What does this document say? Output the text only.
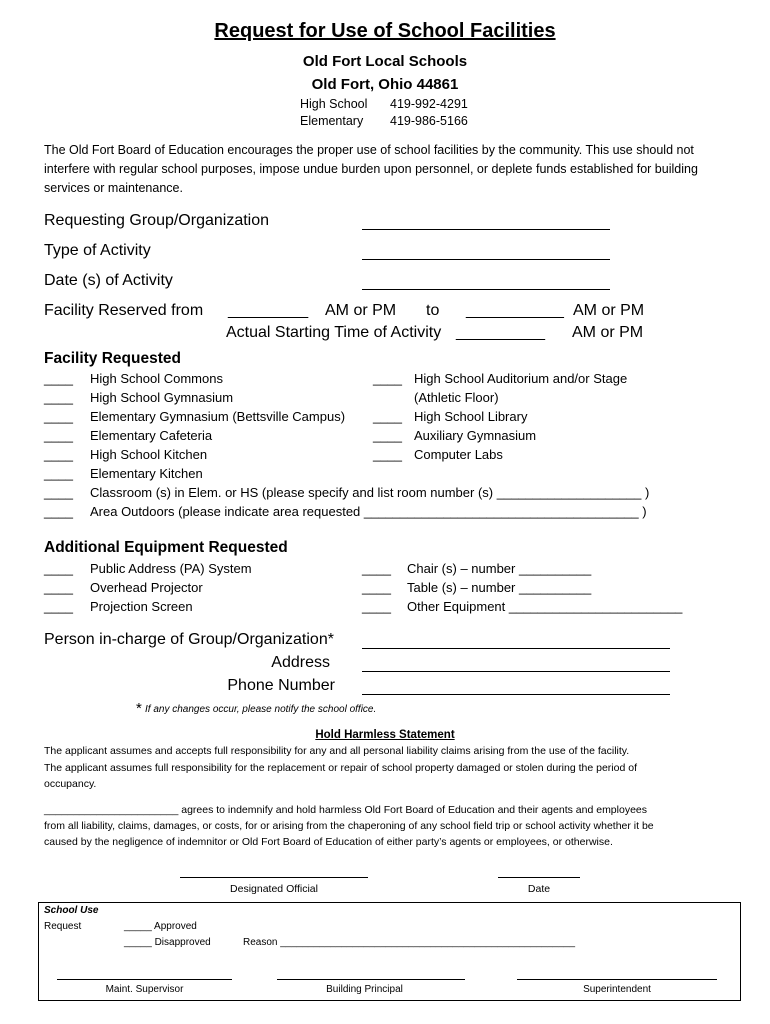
Request for Use of School Facilities
Old Fort Local Schools
Old Fort, Ohio 44861
High School 419-992-4291
Elementary 419-986-5166
The Old Fort Board of Education encourages the proper use of school facilities by the community. This use should not interfere with regular school purposes, impose undue burden upon personnel, or deplete funds established for building services or maintenance.
Requesting Group/Organization
Type of Activity
Date (s) of Activity
Facility Reserved from _________ AM or PM to ___________ AM or PM
Actual Starting Time of Activity __________ AM or PM
Facility Requested
____ High School Commons
____ High School Gymnasium
____ Elementary Gymnasium (Bettsville Campus)
____ Elementary Cafeteria
____ High School Kitchen
____ Elementary Kitchen
____ Classroom (s) in Elem. or HS (please specify and list room number (s) ____________________ )
____ Area Outdoors (please indicate area requested ______________________________________ )
____ High School Auditorium and/or Stage
(Athletic Floor)
____ High School Library
____ Auxiliary Gymnasium
____ Computer Labs
Additional Equipment Requested
____ Public Address (PA) System
____ Overhead Projector
____ Projection Screen
____ Chair (s) – number __________
____ Table (s) – number __________
____ Other Equipment ________________________
Person in-charge of Group/Organization*
Address
Phone Number
* If any changes occur, please notify the school office.
Hold Harmless Statement
The applicant assumes and accepts full responsibility for any and all personal liability claims arising from the use of the facility.
The applicant assumes full responsibility for the replacement or repair of school property damaged or stolen during the period of
occupancy.
_______________________ agrees to indemnify and hold harmless Old Fort Board of Education and their agents and employees
from all liability, claims, damages, or costs, for or arising from the chaperoning of any school field trip or school activity whether it be
caused by the negligence of indemnitor or Old Fort Board of Education of either party’s agents or employees, or otherwise.
Designated Official	Date
School Use
Request	_____ Approved
_____ Disapproved	Reason _____________________________________________________
Maint. Supervisor	Building Principal	Superintendent
